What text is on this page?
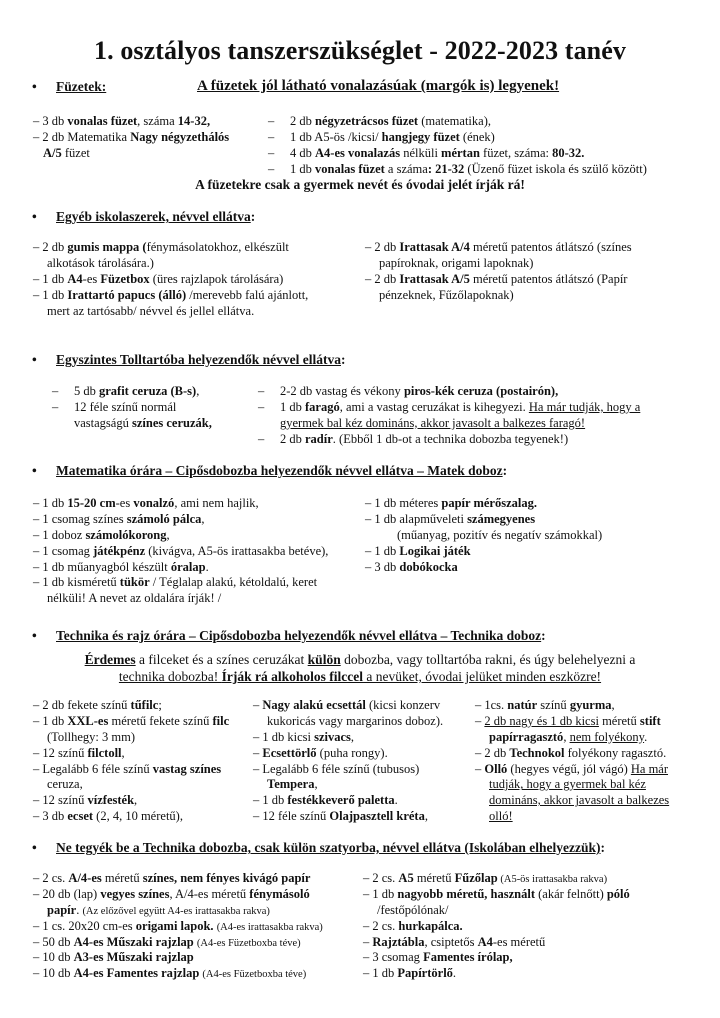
1. osztályos tanszerszükséglet - 2022-2023 tanév
• Füzetek:	A füzetek jól látható vonalazásúak (margók is) legyenek!
– 3 db vonalas füzet, száma 14-32,
– 2 db Matematika Nagy négyzethálós
A/5 füzet
– 2 db négyzetrácsos füzet (matematika),
– 1 db A5-ös /kicsi/ hangjegy füzet (ének)
– 4 db A4-es vonalazás nélküli mértan füzet, száma: 80-32.
– 1 db vonalas füzet a száma: 21-32 (Üzenő füzet iskola és szülő között)
A füzetekre csak a gyermek nevét és óvodai jelét írják rá!
• Egyéb iskolaszerek, névvel ellátva:
– 2 db gumis mappa (fénymásolatokhoz, elkészült
alkotások tárolására.)
– 1 db A4-es Füzetbox (üres rajzlapok tárolására)
– 1 db Irattartó papucs (álló) /merevebb falú ajánlott,
mert az tartósabb/ névvel és jellel ellátva.
– 2 db Irattasak A/4 méretű patentos átlátszó (színes
papíroknak, origami lapoknak)
– 2 db Irattasak A/5 méretű patentos átlátszó (Papír
pénzeknek, Fűzőlapoknak)
• Egyszintes Tolltartóba helyezendők névvel ellátva:
– 5 db grafit ceruza (B-s),
– 12 féle színű normál
vastagságú színes ceruzák,
– 2-2 db vastag és vékony piros-kék ceruza (postairón),
– 1 db faragó, ami a vastag ceruzákat is kihegyezi. Ha már tudják, hogy a
gyermek bal kéz domináns, akkor javasolt a balkezes faragó!
– 2 db radír. (Ebből 1 db-ot a technika dobozba tegyenek!)
• Matematika órára – Cipősdobozba helyezendők névvel ellátva – Matek doboz:
– 1 db 15-20 cm-es vonalzó, ami nem hajlik,
– 1 csomag színes számoló pálca,
– 1 doboz számolókorong,
– 1 csomag játékpénz (kivágva, A5-ös irattasakba betéve),
– 1 db műanyagból készült óralap.
– 1 db kisméretű tükör / Téglalap alakú, kétoldalú, keret
nélküli! A nevet az oldalára írják! /
– 1 db méteres papír mérőszalag.
– 1 db alapműveleti számegyenes
(műanyag, pozitív és negatív számokkal)
– 1 db Logikai játék
– 3 db dobókocka
• Technika és rajz órára – Cipősdobozba helyezendők névvel ellátva – Technika doboz:
Érdemes a filceket és a színes ceruzákat külön dobozba, vagy tolltartóba rakni, és úgy belehelyezni a
technika dobozba! Írják rá alkoholos filccel a nevüket, óvodai jelüket minden eszközre!
– 2 db fekete színű tűfilc;
– 1 db XXL-es méretű fekete színű filc
(Tollhegy: 3 mm)
– 12 színű filctoll,
– Legalább 6 féle színű vastag színes
ceruza,
– 12 színű vízfesték,
– 3 db ecset (2, 4, 10 méretű),
– Nagy alakú ecsettál (kicsi konzerv
kukoricás vagy margarinos doboz).
– 1 db kicsi szivacs,
– Ecsettörlő (puha rongy).
– Legalább 6 féle színű (tubusos)
Tempera,
– 1 db festékkeverő paletta.
– 12 féle színű Olajpasztell kréta,
– 1cs. natúr színű gyurma,
– 2 db nagy és 1 db kicsi méretű stift
papírragasztó, nem folyékony.
– 2 db Technokol folyékony ragasztó.
– Olló (hegyes végű, jól vágó) Ha már
tudják, hogy a gyermek bal kéz
domináns, akkor javasolt a balkezes
olló!
• Ne tegyék be a Technika dobozba, csak külön szatyorba, névvel ellátva (Iskolában elhelyezzük):
– 2 cs. A/4-es méretű színes, nem fényes kivágó papír
– 20 db (lap) vegyes színes, A/4-es méretű fénymásoló
papír. (Az előzővel együtt A4-es irattasakba rakva)
– 1 cs. 20x20 cm-es origami lapok. (A4-es irattasakba rakva)
– 50 db A4-es Műszaki rajzlap (A4-es Füzetboxba téve)
– 10 db A3-es Műszaki rajzlap
– 10 db A4-es Famentes rajzlap (A4-es Füzetboxba téve)
– 2 cs. A5 méretű Fűzőlap (A5-ös irattasakba rakva)
– 1 db nagyobb méretű, használt (akár felnőtt) póló
/festőpólónak/
– 2 cs. hurkapálca.
– Rajztábla, csiptetős A4-es méretű
– 3 csomag Famentes írólap,
– 1 db Papírtörlő.
